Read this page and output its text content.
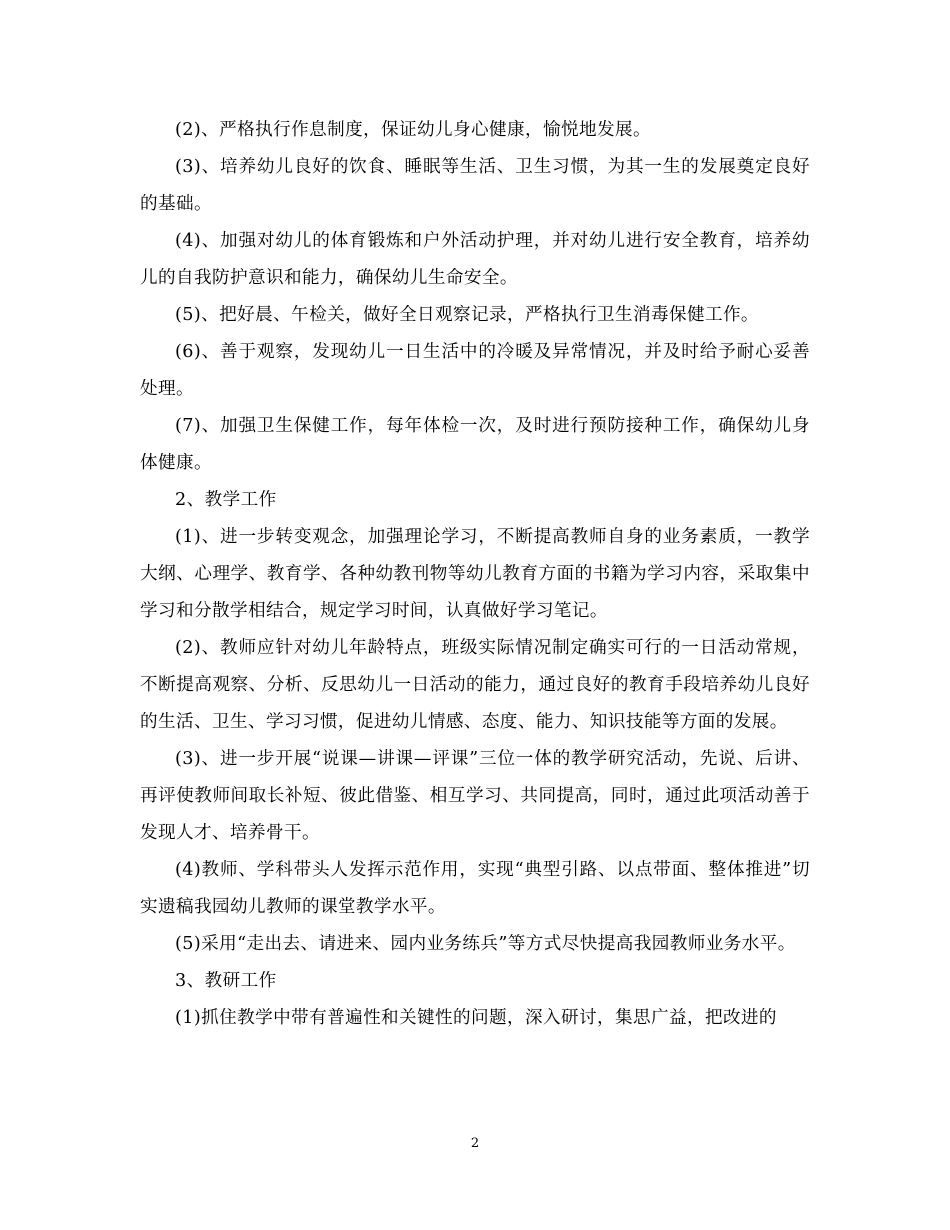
(2)、严格执行作息制度，保证幼儿身心健康，愉悦地发展。

(3)、培养幼儿良好的饮食、睡眠等生活、卫生习惯，为其一生的发展奠定良好的基础。

(4)、加强对幼儿的体育锻炼和户外活动护理，并对幼儿进行安全教育，培养幼儿的自我防护意识和能力，确保幼儿生命安全。

(5)、把好晨、午检关，做好全日观察记录，严格执行卫生消毒保健工作。

(6)、善于观察，发现幼儿一日生活中的冷暖及异常情况，并及时给予耐心妥善处理。

(7)、加强卫生保健工作，每年体检一次，及时进行预防接种工作，确保幼儿身体健康。

2、教学工作

(1)、进一步转变观念，加强理论学习，不断提高教师自身的业务素质，一教学大纲、心理学、教育学、各种幼教刊物等幼儿教育方面的书籍为学习内容，采取集中学习和分散学相结合，规定学习时间，认真做好学习笔记。

(2)、教师应针对幼儿年龄特点，班级实际情况制定确实可行的一日活动常规，不断提高观察、分析、反思幼儿一日活动的能力，通过良好的教育手段培养幼儿良好的生活、卫生、学习习惯，促进幼儿情感、态度、能力、知识技能等方面的发展。

(3)、进一步开展“说课—讲课—评课”三位一体的教学研究活动，先说、后讲、再评使教师间取长补短、彼此借鉴、相互学习、共同提高，同时，通过此项活动善于发现人才、培养骨干。

(4)教师、学科带头人发挥示范作用，实现“典型引路、以点带面、整体推进”切实遗稿我园幼儿教师的课堂教学水平。

(5)采用“走出去、请进来、园内业务练兵”等方式尽快提高我园教师业务水平。

3、教研工作

(1)抓住教学中带有普遍性和关键性的问题，深入研讨，集思广益，把改进的

2
